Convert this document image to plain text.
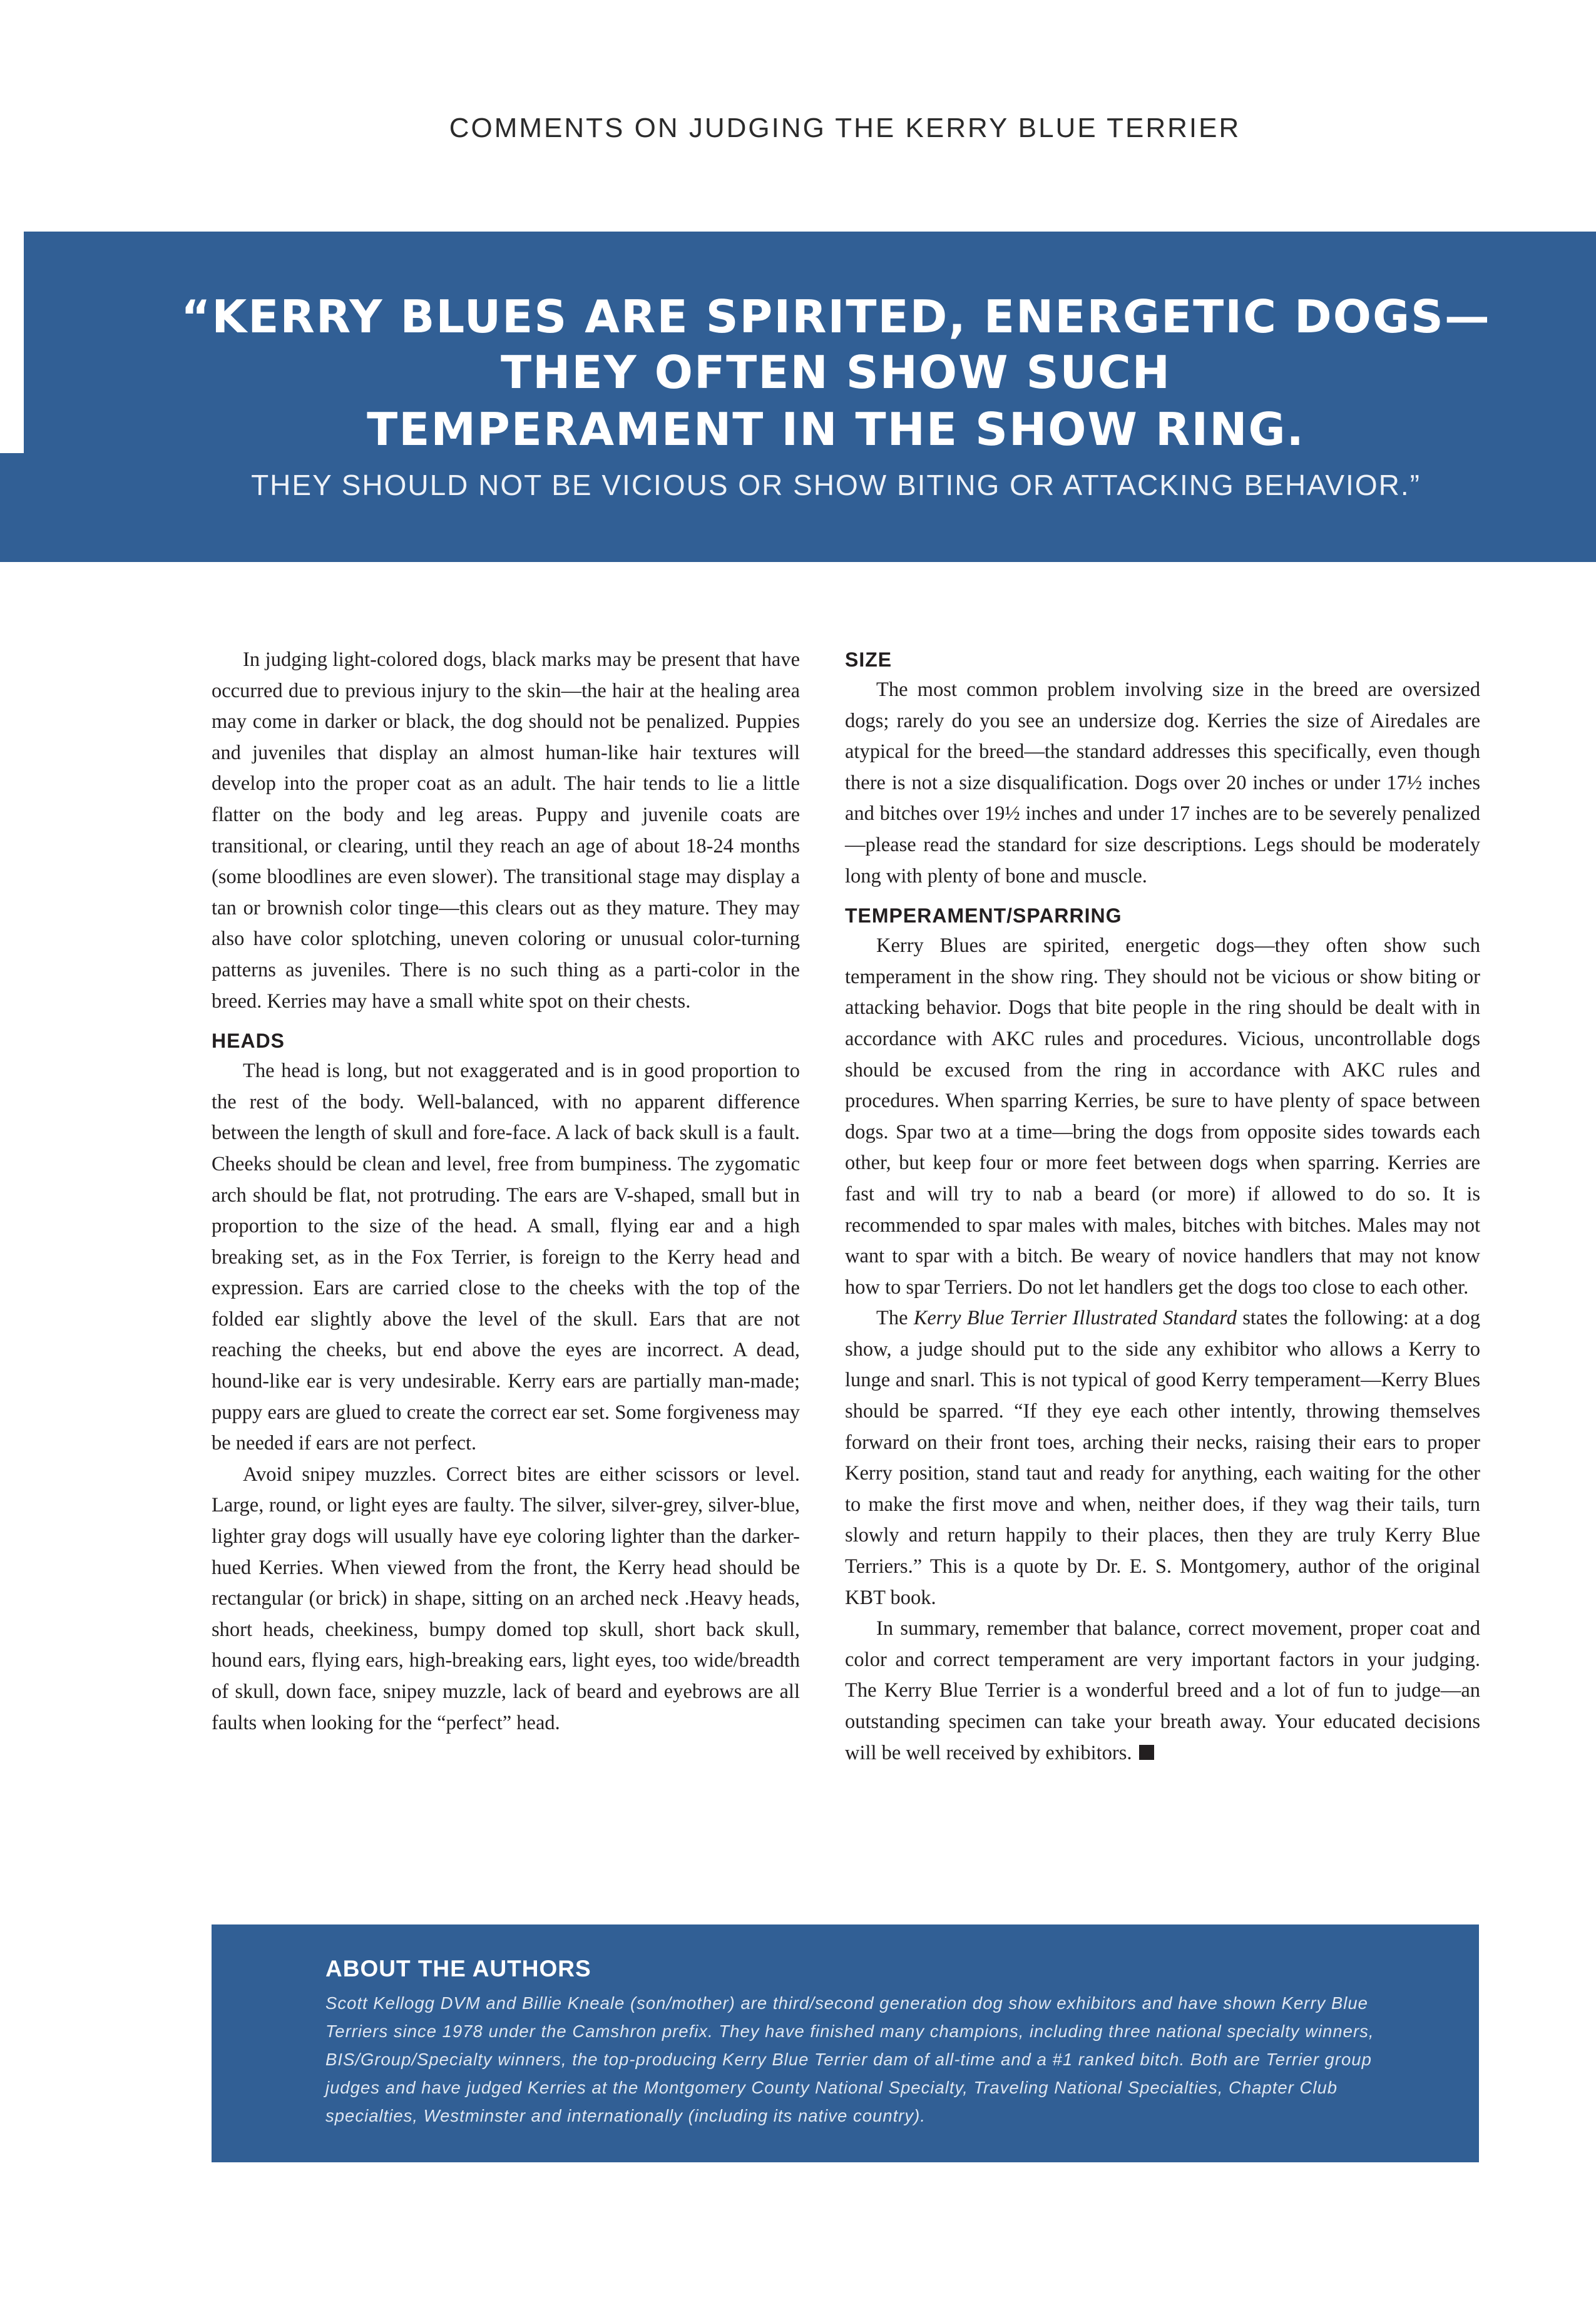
COMMENTS ON JUDGING THE KERRY BLUE TERRIER
“KERRY BLUES ARE SPIRITED, ENERGETIC DOGS—
THEY OFTEN SHOW SUCH
TEMPERAMENT IN THE SHOW RING.
THEY SHOULD NOT BE VICIOUS OR SHOW BITING OR ATTACKING BEHAVIOR.”

In judging light-colored dogs, black marks may be present that have occurred due to previous injury to the skin—the hair at the healing area may come in darker or black, the dog should not be penalized. Puppies and juveniles that display an almost human-like hair textures will develop into the proper coat as an adult. The hair tends to lie a little flatter on the body and leg areas. Puppy and juvenile coats are transitional, or clearing, until they reach an age of about 18-24 months (some bloodlines are even slower). The transitional stage may display a tan or brownish color tinge—this clears out as they mature. They may also have color splotching, uneven coloring or unusual color-turning patterns as juveniles. There is no such thing as a parti-color in the breed. Kerries may have a small white spot on their chests.

HEADS

The head is long, but not exaggerated and is in good proportion to the rest of the body. Well-balanced, with no apparent difference between the length of skull and fore-face. A lack of back skull is a fault. Cheeks should be clean and level, free from bumpiness. The zygomatic arch should be flat, not protruding. The ears are V-shaped, small but in proportion to the size of the head. A small, flying ear and a high breaking set, as in the Fox Terrier, is foreign to the Kerry head and expression. Ears are carried close to the cheeks with the top of the folded ear slightly above the level of the skull. Ears that are not reaching the cheeks, but end above the eyes are incorrect. A dead, hound-like ear is very undesirable. Kerry ears are partially man-made; puppy ears are glued to create the correct ear set. Some forgiveness may be needed if ears are not perfect.

Avoid snipey muzzles. Correct bites are either scissors or level. Large, round, or light eyes are faulty. The silver, silver-grey, silver-blue, lighter gray dogs will usually have eye coloring lighter than the darker-hued Kerries. When viewed from the front, the Kerry head should be rectangular (or brick) in shape, sitting on an arched neck .Heavy heads, short heads, cheekiness, bumpy domed top skull, short back skull, hound ears, flying ears, high-breaking ears, light eyes, too wide/breadth of skull, down face, snipey muzzle, lack of beard and eyebrows are all faults when looking for the “perfect” head.

SIZE

The most common problem involving size in the breed are oversized dogs; rarely do you see an undersize dog. Kerries the size of Airedales are atypical for the breed—the standard addresses this specifically, even though there is not a size disqualification. Dogs over 20 inches or under 17½ inches and bitches over 19½ inches and under 17 inches are to be severely penalized—please read the standard for size descriptions. Legs should be moderately long with plenty of bone and muscle.

TEMPERAMENT/SPARRING

Kerry Blues are spirited, energetic dogs—they often show such temperament in the show ring. They should not be vicious or show biting or attacking behavior. Dogs that bite people in the ring should be dealt with in accordance with AKC rules and procedures. Vicious, uncontrollable dogs should be excused from the ring in accordance with AKC rules and procedures. When sparring Kerries, be sure to have plenty of space between dogs. Spar two at a time—bring the dogs from opposite sides towards each other, but keep four or more feet between dogs when sparring. Kerries are fast and will try to nab a beard (or more) if allowed to do so. It is recommended to spar males with males, bitches with bitches. Males may not want to spar with a bitch. Be weary of novice handlers that may not know how to spar Terriers. Do not let handlers get the dogs too close to each other.

The Kerry Blue Terrier Illustrated Standard states the following: at a dog show, a judge should put to the side any exhibitor who allows a Kerry to lunge and snarl. This is not typical of good Kerry temperament—Kerry Blues should be sparred. “If they eye each other intently, throwing themselves forward on their front toes, arching their necks, raising their ears to proper Kerry position, stand taut and ready for anything, each waiting for the other to make the first move and when, neither does, if they wag their tails, turn slowly and return happily to their places, then they are truly Kerry Blue Terriers.” This is a quote by Dr. E. S. Montgomery, author of the original KBT book.

In summary, remember that balance, correct movement, proper coat and color and correct temperament are very important factors in your judging. The Kerry Blue Terrier is a wonderful breed and a lot of fun to judge—an outstanding specimen can take your breath away. Your educated decisions will be well received by exhibitors.

ABOUT THE AUTHORS

Scott Kellogg DVM and Billie Kneale (son/mother) are third/second generation dog show exhibitors and have shown Kerry Blue Terriers since 1978 under the Camshron prefix. They have finished many champions, including three national specialty winners, BIS/Group/Specialty winners, the top-producing Kerry Blue Terrier dam of all-time and a #1 ranked bitch. Both are Terrier group judges and have judged Kerries at the Montgomery County National Specialty, Traveling National Specialties, Chapter Club specialties, Westminster and internationally (including its native country).
